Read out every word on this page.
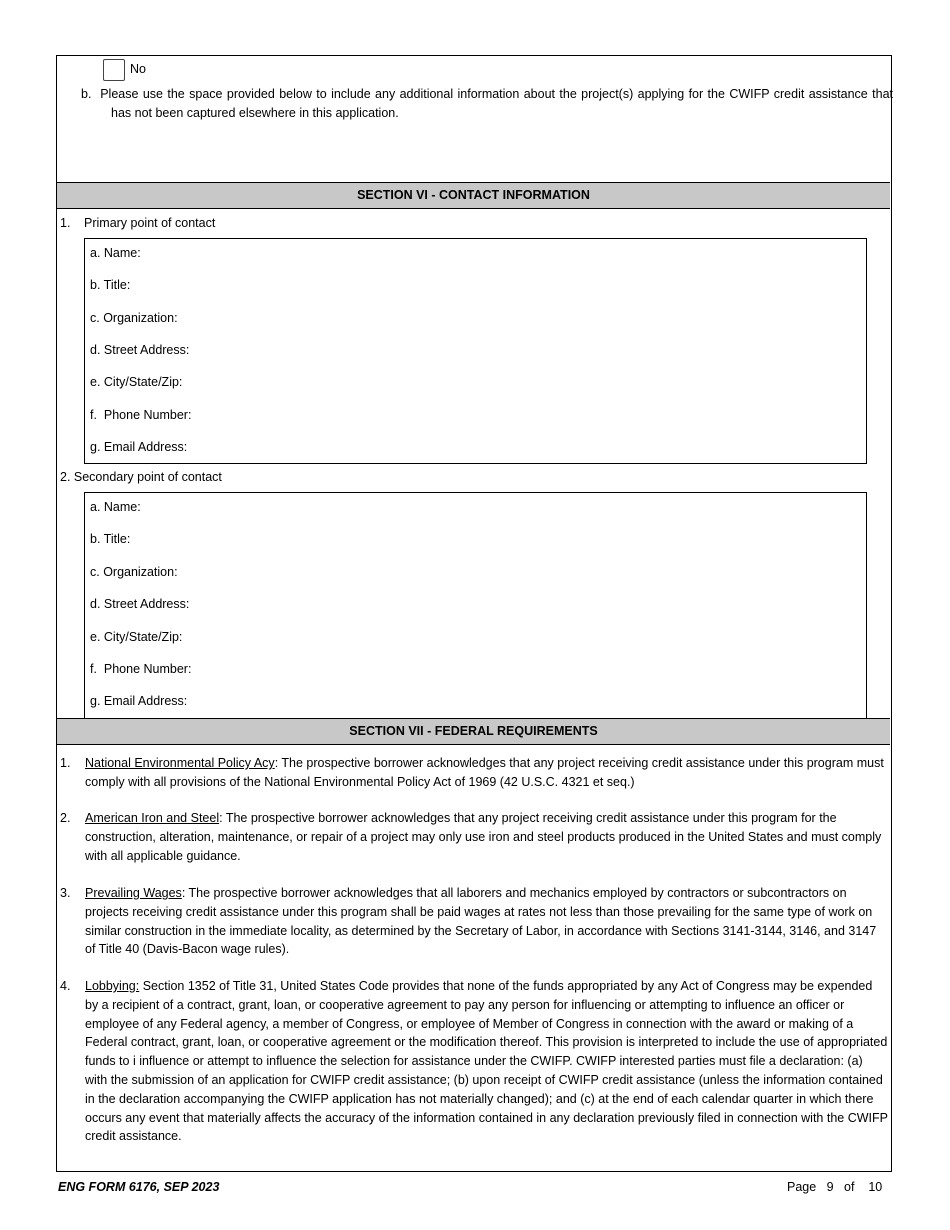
No
b. Please use the space provided below to include any additional information about the project(s) applying for the CWIFP credit assistance that has not been captured elsewhere in this application.
SECTION VI - CONTACT INFORMATION
1. Primary point of contact
a. Name:
b. Title:
c. Organization:
d. Street Address:
e. City/State/Zip:
f.  Phone Number:
g. Email Address:
2. Secondary point of contact
a. Name:
b. Title:
c. Organization:
d. Street Address:
e. City/State/Zip:
f.  Phone Number:
g. Email Address:
SECTION VII - FEDERAL REQUIREMENTS
1. National Environmental Policy Acy: The prospective borrower acknowledges that any project receiving credit assistance under this program must comply with all provisions of the National Environmental Policy Act of 1969 (42 U.S.C. 4321 et seq.)
2. American Iron and Steel: The prospective borrower acknowledges that any project receiving credit assistance under this program for the construction, alteration, maintenance, or repair of a project may only use iron and steel products produced in the United States and must comply with all applicable guidance.
3. Prevailing Wages: The prospective borrower acknowledges that all laborers and mechanics employed by contractors or subcontractors on projects receiving credit assistance under this program shall be paid wages at rates not less than those prevailing for the same type of work on similar construction in the immediate locality, as determined by the Secretary of Labor, in accordance with Sections 3141-3144, 3146, and 3147 of Title 40 (Davis-Bacon wage rules).
4. Lobbying: Section 1352 of Title 31, United States Code provides that none of the funds appropriated by any Act of Congress may be expended by a recipient of a contract, grant, loan, or cooperative agreement to pay any person for influencing or attempting to influence an officer or employee of any Federal agency, a member of Congress, or employee of Member of Congress in connection with the award or making of a Federal contract, grant, loan, or cooperative agreement or the modification thereof. This provision is interpreted to include the use of appropriated funds to i influence or attempt to influence the selection for assistance under the CWIFP. CWIFP interested parties must file a declaration: (a) with the submission of an application for CWIFP credit assistance; (b) upon receipt of CWIFP credit assistance (unless the information contained in the declaration accompanying the CWIFP application has not materially changed); and (c) at the end of each calendar quarter in which there occurs any event that materially affects the accuracy of the information contained in any declaration previously filed in connection with the CWIFP credit assistance.
ENG FORM 6176, SEP 2023	Page 9 of 10
